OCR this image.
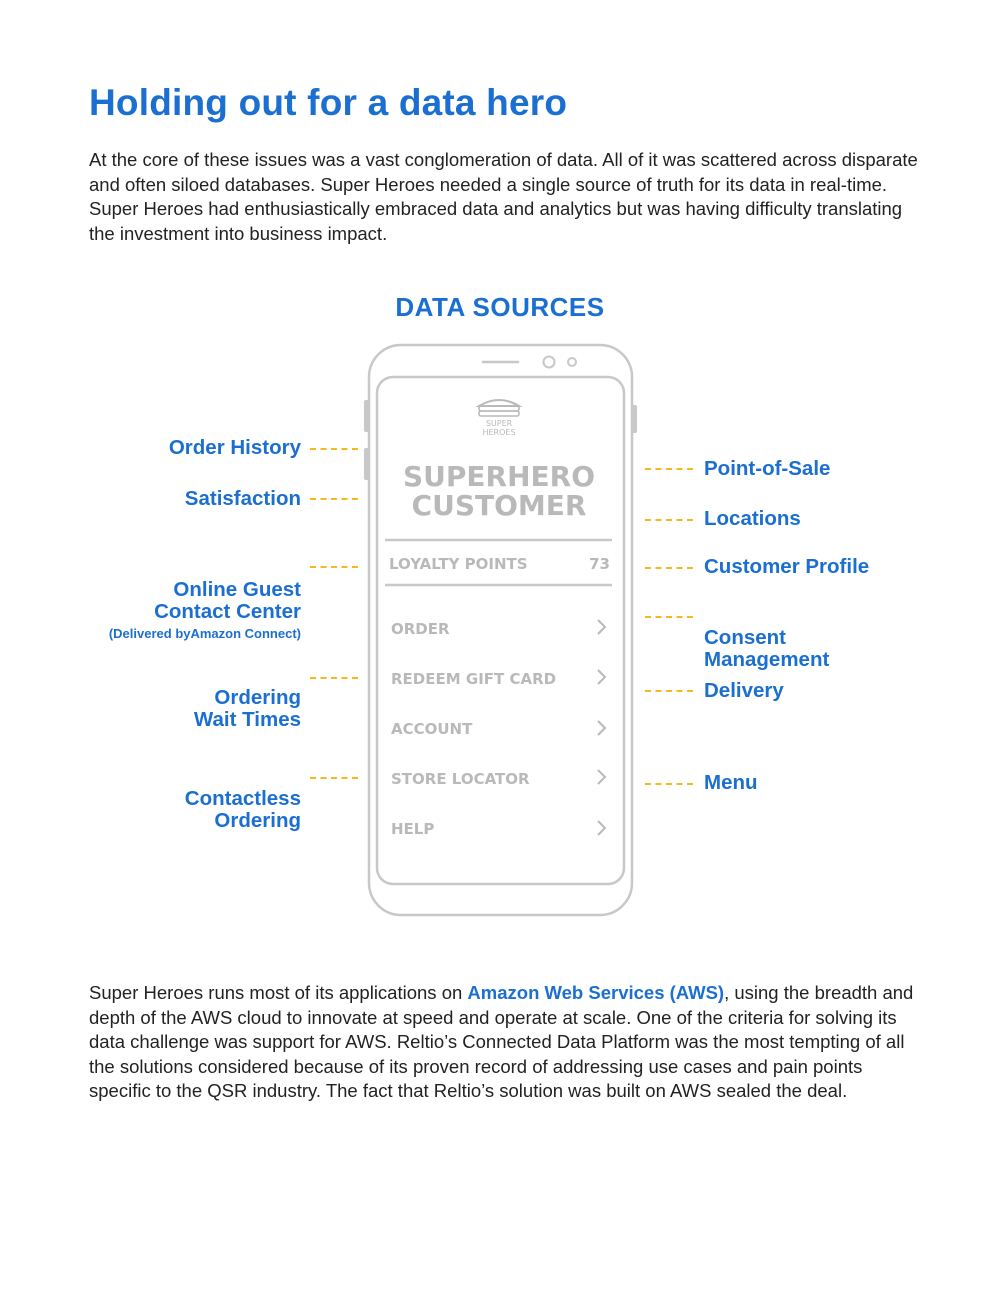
Holding out for a data hero

At the core of these issues was a vast conglomeration of data. All of it was scattered across disparate and often siloed databases. Super Heroes needed a single source of truth for its data in real-time. Super Heroes had enthusiastically embraced data and analytics but was having difficulty translating the investment into business impact.

DATA SOURCES
SUPER
HEROES
SUPERHERO
CUSTOMER
LOYALTY POINTS	73
ORDER
REDEEM GIFT CARD
ACCOUNT
STORE LOCATOR
HELP
Order History
Satisfaction

Online Guest
Contact Center

(Delivered byAmazon Connect)

Ordering
Wait Times

Contactless
Ordering

Point-of-Sale
Locations
Customer Profile

Consent
Management

Delivery
Menu

Super Heroes runs most of its applications on Amazon Web Services (AWS), using the breadth and depth of the AWS cloud to innovate at speed and operate at scale. One of the criteria for solving its data challenge was support for AWS. Reltio’s Connected Data Platform was the most tempting of all the solutions considered because of its proven record of addressing use cases and pain points specific to the QSR industry. The fact that Reltio’s solution was built on AWS sealed the deal.
